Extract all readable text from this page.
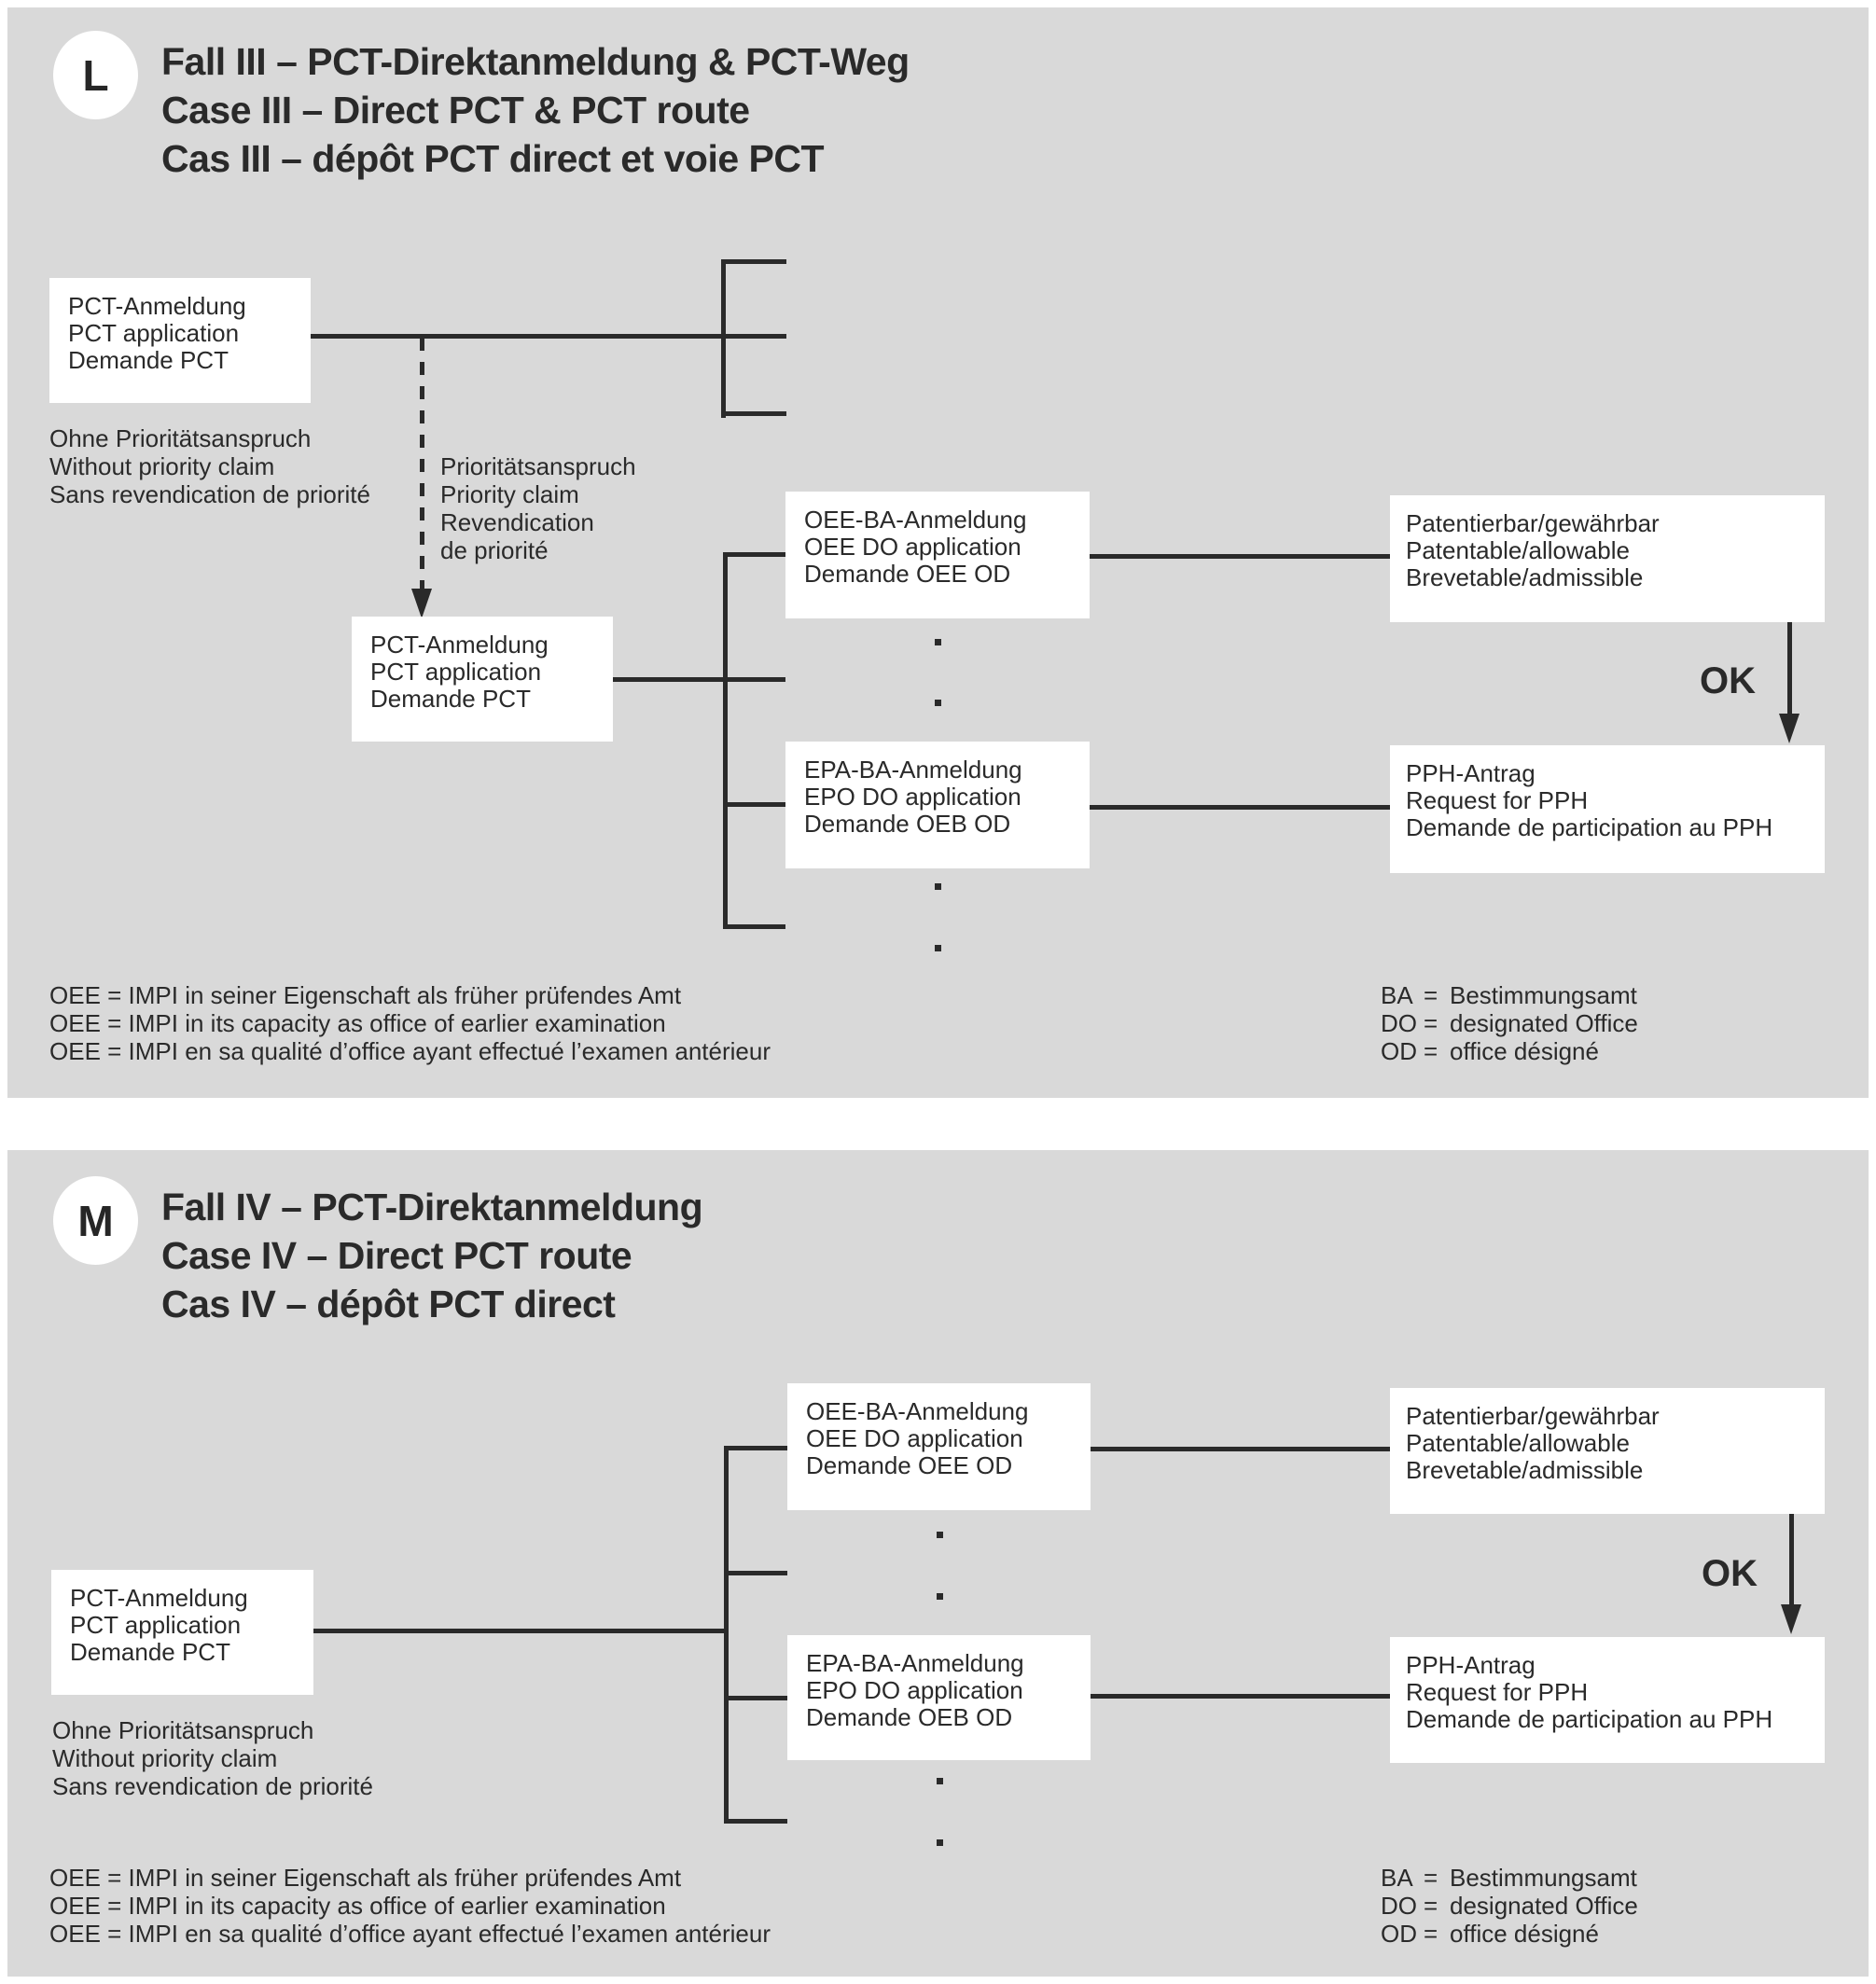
L Fall III – PCT-Direktanmeldung & PCT-Weg
Case III – Direct PCT & PCT route
Cas III – dépôt PCT direct et voie PCT
PCT-Anmeldung
PCT application
Demande PCT
Ohne Prioritätsanspruch
Without priority claim
Sans revendication de priorité
Prioritätsanspruch
Priority claim
Revendication
de priorité
PCT-Anmeldung
PCT application
Demande PCT
OEE-BA-Anmeldung
OEE DO application
Demande OEE OD
EPA-BA-Anmeldung
EPO DO application
Demande OEB OD
Patentierbar/gewährbar
Patentable/allowable
Brevetable/admissible
OK
PPH-Antrag
Request for PPH
Demande de participation au PPH
OEE = IMPI in seiner Eigenschaft als früher prüfendes Amt
OEE = IMPI in its capacity as office of earlier examination
OEE = IMPI en sa qualité d’office ayant effectué l’examen antérieur
BA = Bestimmungsamt
DO = designated Office
OD = office désigné
M Fall IV – PCT-Direktanmeldung
Case IV – Direct PCT route
Cas IV – dépôt PCT direct
PCT-Anmeldung
PCT application
Demande PCT
Ohne Prioritätsanspruch
Without priority claim
Sans revendication de priorité
OEE-BA-Anmeldung
OEE DO application
Demande OEE OD
EPA-BA-Anmeldung
EPO DO application
Demande OEB OD
Patentierbar/gewährbar
Patentable/allowable
Brevetable/admissible
OK
PPH-Antrag
Request for PPH
Demande de participation au PPH
OEE = IMPI in seiner Eigenschaft als früher prüfendes Amt
OEE = IMPI in its capacity as office of earlier examination
OEE = IMPI en sa qualité d’office ayant effectué l’examen antérieur
BA = Bestimmungsamt
DO = designated Office
OD = office désigné
